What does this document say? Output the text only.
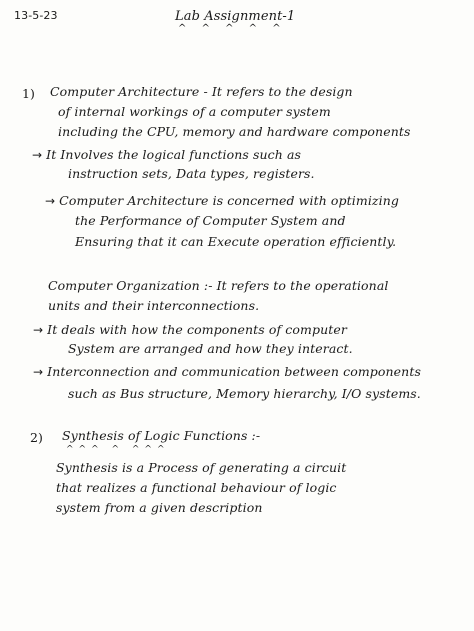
13-5-23	Lab Assignment-1
^ ^ ^ ^ ^
1) Computer Architecture - It refers to the design
of internal workings of a computer system
including the CPU, memory and hardware components
→ It Involves the logical functions such as
instruction sets, Data types, registers.
→ Computer Architecture is concerned with optimizing
the Performance of Computer System and
Ensuring that it can Execute operation efficiently.
Computer Organization :- It refers to the operational
units and their interconnections.
→ It deals with how the components of computer
System are arranged and how they interact.
→ Interconnection and communication between components
such as Bus structure, Memory hierarchy, I/O systems.
2) Synthesis of Logic Functions :-
^^^ ^ ^^^
Synthesis is a Process of generating a circuit
that realizes a functional behaviour of logic
system from a given description
